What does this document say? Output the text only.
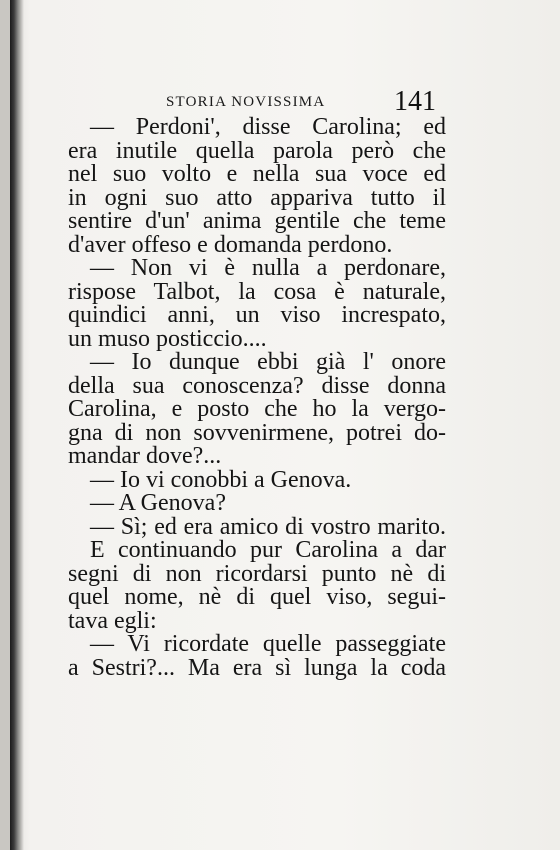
STORIA NOVISSIMA 141
— Perdoni', disse Carolina; ed
era inutile quella parola però che
nel suo volto e nella sua voce ed
in ogni suo atto appariva tutto il
sentire d'un' anima gentile che teme
d'aver offeso e domanda perdono.
— Non vi è nulla a perdonare,
rispose Talbot, la cosa è naturale,
quindici anni, un viso increspato,
un muso posticcio....
— Io dunque ebbi già l' onore
della sua conoscenza? disse donna
Carolina, e posto che ho la vergo-
gna di non sovvenirmene, potrei do-
mandar dove?...
— Io vi conobbi a Genova.
— A Genova?
— Sì; ed era amico di vostro marito.
E continuando pur Carolina a dar
segni di non ricordarsi punto nè di
quel nome, nè di quel viso, segui-
tava egli:
— Vi ricordate quelle passeggiate
a Sestri?... Ma era sì lunga la coda
